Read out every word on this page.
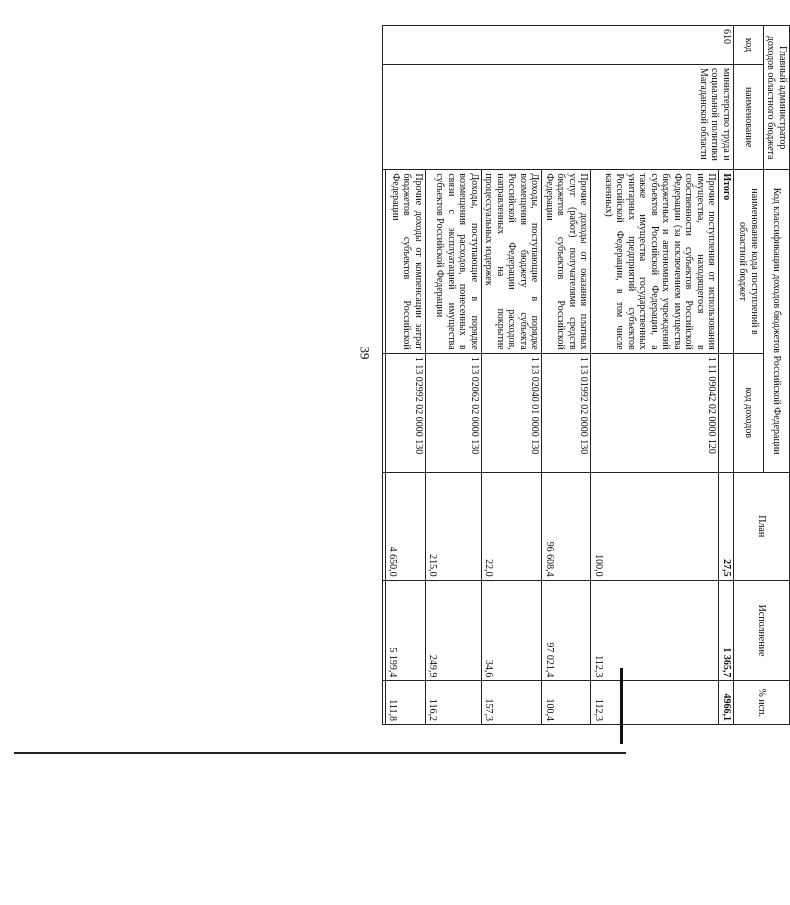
39
Главный администратор доходов областного бюджета		Код классификации доходов бюджетов Российской Федерации		План	Исполнение	% исп.
код	наименование	наименование кода поступлений в областной бюджет	код доходов			
610	министерство труда и социальной политики Магаданской области	Итого		27,5	1 365,7	4966,1
		Прочие поступления от использования имущества, находящегося в собственности субъектов Российской Федерации (за исключением имущества бюджетных и автономных учреждений субъектов Российской Федерации, а также имущества государственных унитарных предприятий субъектов Российской Федерации, в том числе казенных)	1 11 09042 02 0000 120	100,0	112,3	112,3
		Прочие доходы от оказания платных услуг (работ) получателями средств бюджетов субъектов Российской Федерации	1 13 01992 02 0000 130	96 608,4	97 021,4	100,4
		Доходы, поступающие в порядке возмещения бюджету субъекта Российской Федерации расходов, направленных на покрытие процессуальных издержек	1 13 02040 01 0000 130	22,0	34,6	157,3
		Доходы, поступающие в порядке возмещения расходов, понесенных в связи с эксплуатацией имущества субъектов Российской Федерации	1 13 02062 02 0000 130	215,0	249,9	116,2
		Прочие доходы от компенсации затрат бюджетов субъектов Российской Федерации	1 13 02992 02 0000 130	4 650,0	5 199,4	111,8
